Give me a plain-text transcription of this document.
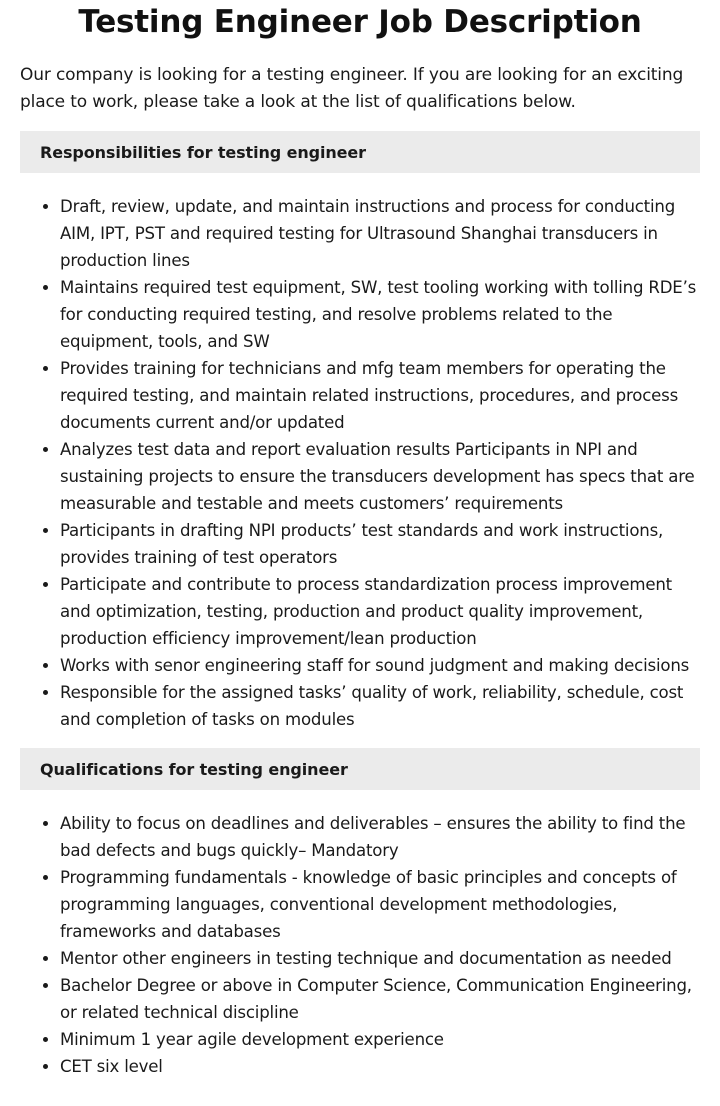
Testing Engineer Job Description

Our company is looking for a testing engineer. If you are looking for an exciting place to work, please take a look at the list of qualifications below.

Responsibilities for testing engineer
Draft, review, update, and maintain instructions and process for conducting AIM, IPT, PST and required testing for Ultrasound Shanghai transducers in production lines
Maintains required test equipment, SW, test tooling working with tolling RDE’s for conducting required testing, and resolve problems related to the equipment, tools, and SW
Provides training for technicians and mfg team members for operating the required testing, and maintain related instructions, procedures, and process documents current and/or updated
Analyzes test data and report evaluation results Participants in NPI and sustaining projects to ensure the transducers development has specs that are measurable and testable and meets customers’ requirements
Participants in drafting NPI products’ test standards and work instructions, provides training of test operators
Participate and contribute to process standardization process improvement and optimization, testing, production and product quality improvement, production efficiency improvement/lean production
Works with senor engineering staff for sound judgment and making decisions
Responsible for the assigned tasks’ quality of work, reliability, schedule, cost and completion of tasks on modules
Qualifications for testing engineer
Ability to focus on deadlines and deliverables – ensures the ability to find the bad defects and bugs quickly– Mandatory
Programming fundamentals - knowledge of basic principles and concepts of programming languages, conventional development methodologies, frameworks and databases
Mentor other engineers in testing technique and documentation as needed
Bachelor Degree or above in Computer Science, Communication Engineering, or related technical discipline
Minimum 1 year agile development experience
CET six level
